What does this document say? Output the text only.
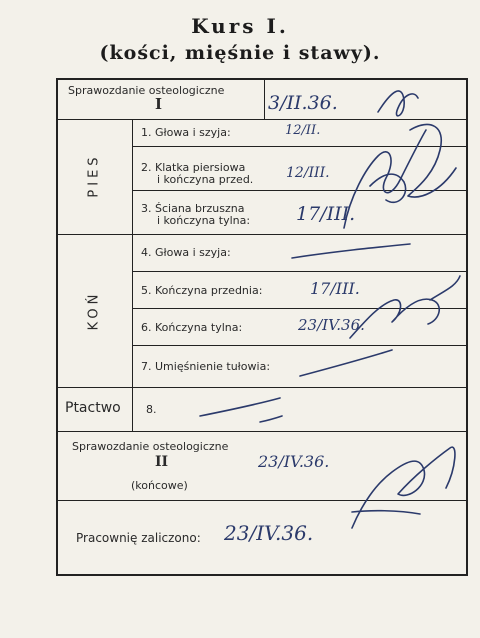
Kurs I.
(kości, mięśnie i stawy).
Sprawozdanie osteologiczne
I	3/II.36.
PIES
1. Głowa i szyja:	12/II.
2. Klatka piersiowa
i kończyna przed. 12/III.
3. Ściana brzuszna
i kończyna tylna: 17/III.
KOŃ
4. Głowa i szyja:
5. Kończyna przednia:	17/III.
6. Kończyna tylna:	23/IV.36.
7. Umięśnienie tułowia:
Ptactwo 8.
Sprawozdanie osteologiczne
II
(końcowe)
23/IV.36.
Pracownię zaliczono: 23/IV.36.
